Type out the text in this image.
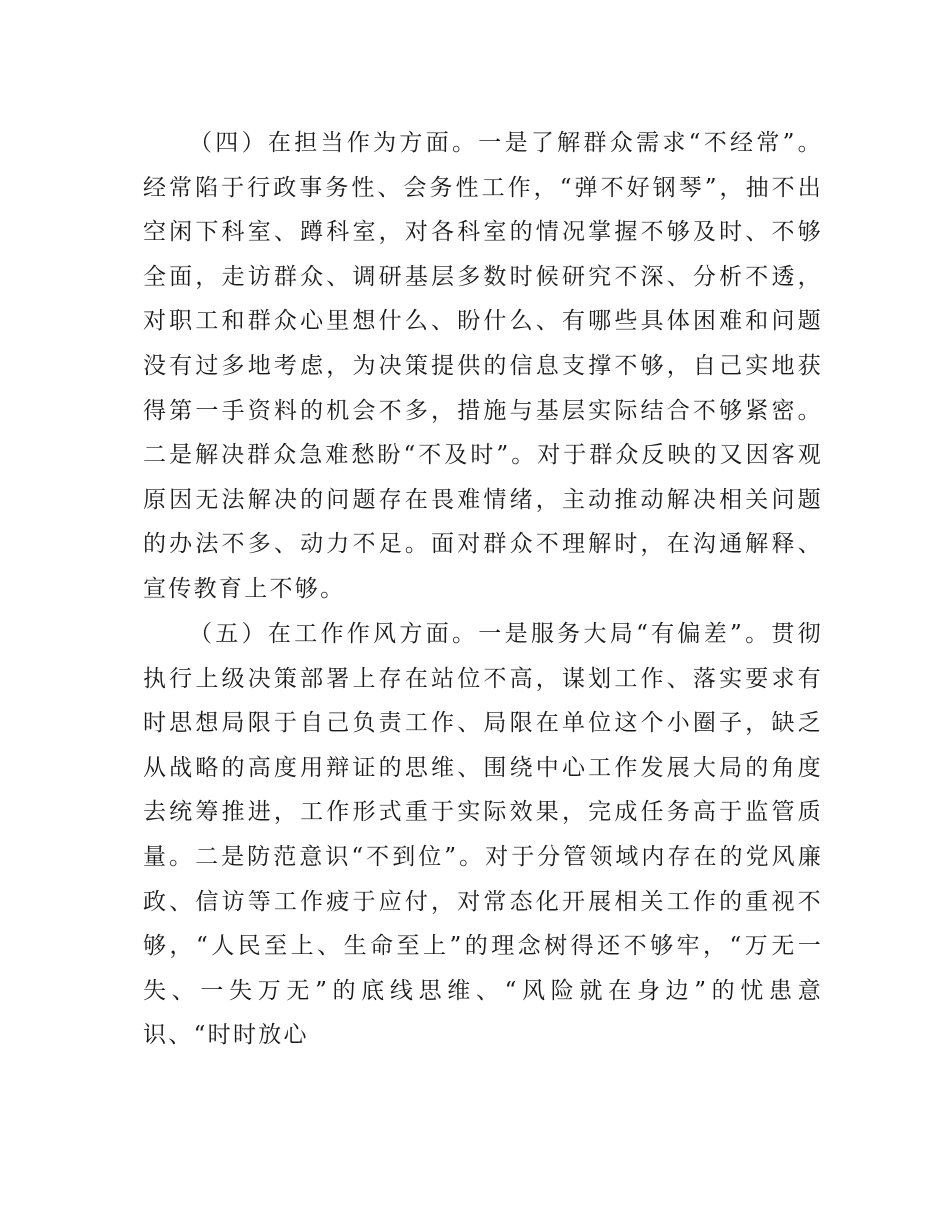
（四）在担当作为方面。一是了解群众需求“不经常”。经常陷于行政事务性、会务性工作，“弹不好钢琴”，抽不出空闲下科室、蹲科室，对各科室的情况掌握不够及时、不够全面，走访群众、调研基层多数时候研究不深、分析不透，对职工和群众心里想什么、盼什么、有哪些具体困难和问题没有过多地考虑，为决策提供的信息支撑不够，自己实地获得第一手资料的机会不多，措施与基层实际结合不够紧密。二是解决群众急难愁盼“不及时”。对于群众反映的又因客观原因无法解决的问题存在畏难情绪，主动推动解决相关问题的办法不多、动力不足。面对群众不理解时，在沟通解释、宣传教育上不够。

（五）在工作作风方面。一是服务大局“有偏差”。贯彻执行上级决策部署上存在站位不高，谋划工作、落实要求有时思想局限于自己负责工作、局限在单位这个小圈子，缺乏从战略的高度用辩证的思维、围绕中心工作发展大局的角度去统筹推进，工作形式重于实际效果，完成任务高于监管质量。二是防范意识“不到位”。对于分管领域内存在的党风廉政、信访等工作疲于应付，对常态化开展相关工作的重视不够，“人民至上、生命至上”的理念树得还不够牢，“万无一失、一失万无”的底线思维、“风险就在身边”的忧患意识、“时时放心
